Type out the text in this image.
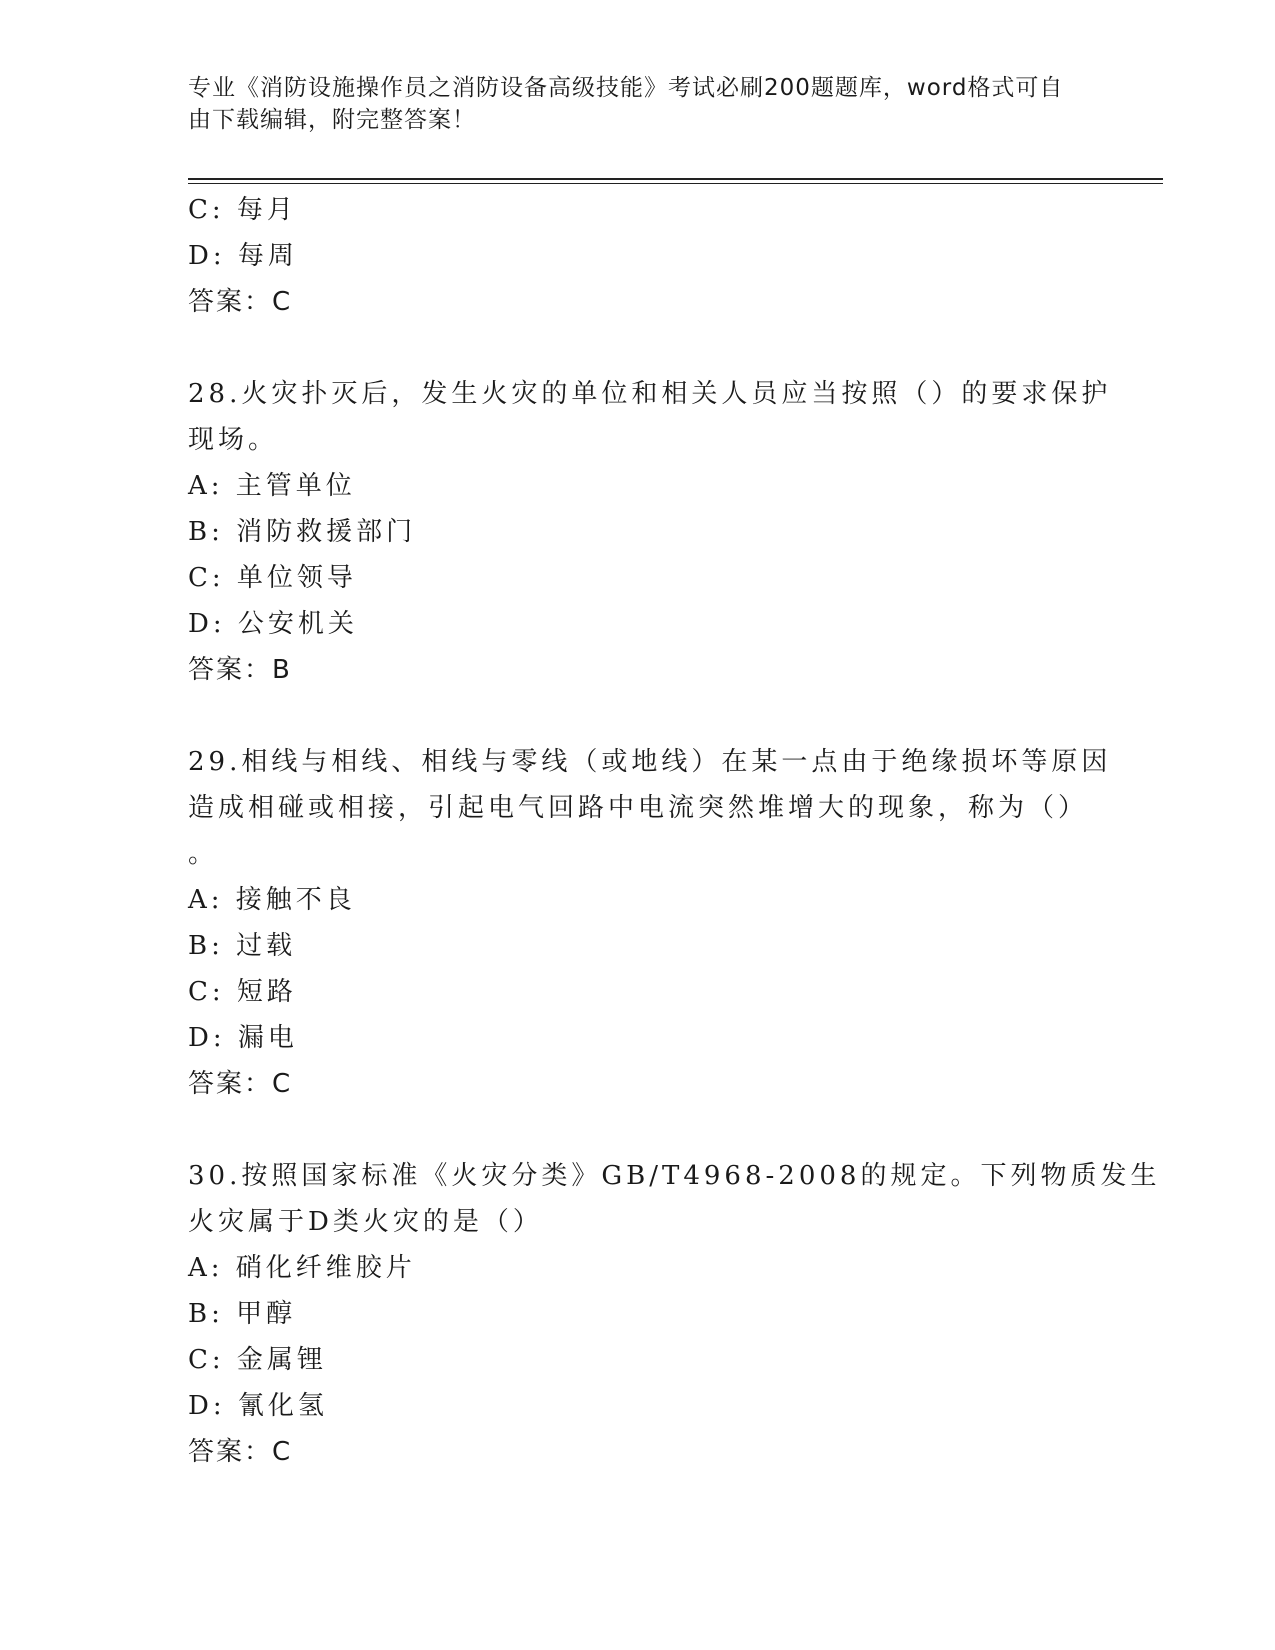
专业《消防设施操作员之消防设备高级技能》考试必刷200题题库，word格式可自由下载编辑，附完整答案！
C: 每月
D: 每周
答案：C
28.火灾扑灭后，发生火灾的单位和相关人员应当按照（）的要求保护
现场。
A: 主管单位
B: 消防救援部门
C: 单位领导
D: 公安机关
答案：B
29.相线与相线、相线与零线（或地线）在某一点由于绝缘损坏等原因
造成相碰或相接，引起电气回路中电流突然堆增大的现象，称为（）
。
A: 接触不良
B: 过载
C: 短路
D: 漏电
答案：C
30.按照国家标准《火灾分类》GB/T4968-2008的规定。下列物质发生
火灾属于D类火灾的是（）
A: 硝化纤维胶片
B: 甲醇
C: 金属锂
D: 氰化氢
答案：C
